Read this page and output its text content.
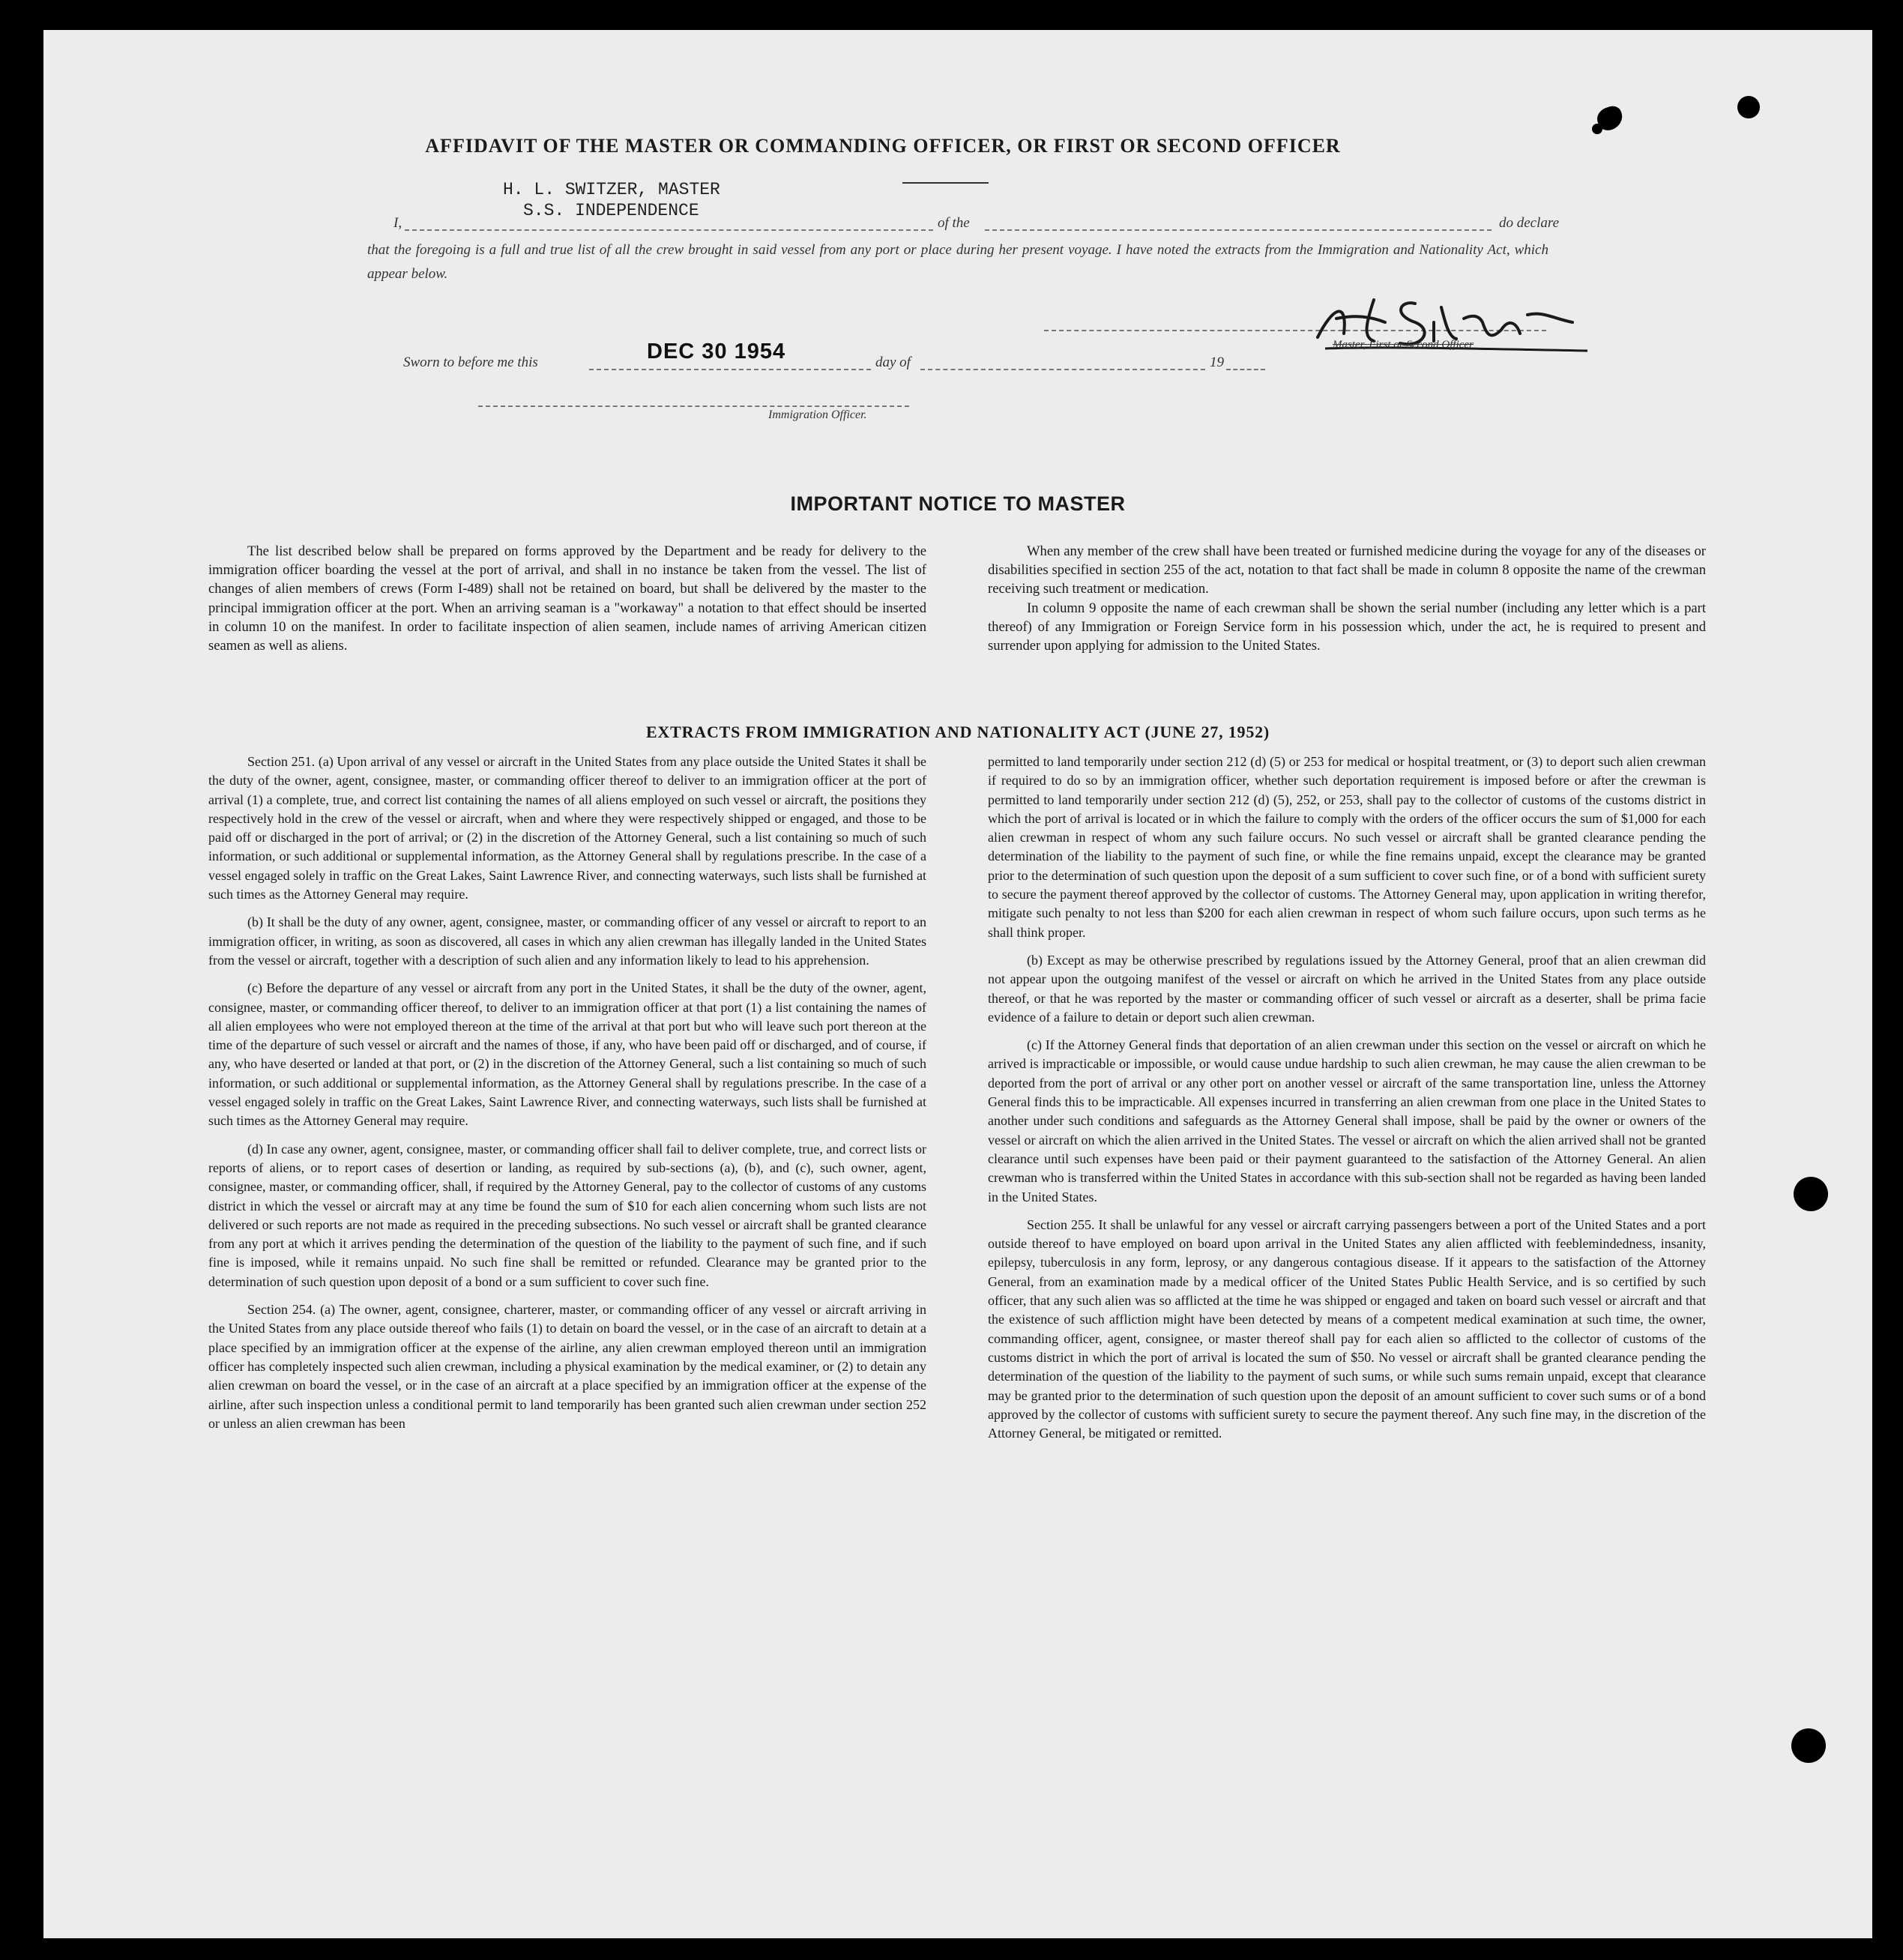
AFFIDAVIT OF THE MASTER OR COMMANDING OFFICER, OR FIRST OR SECOND OFFICER
H. L. SWITZER, MASTER
S.S. INDEPENDENCE
I,	of the	do declare
that the foregoing is a full and true list of all the crew brought in said vessel from any port or place during her present voyage. I have noted the extracts from the Immigration and Nationality Act, which appear below.
Master, First or Second Officer
Sworn to before me this	DEC 30 1954	day of	19
Immigration Officer.
IMPORTANT NOTICE TO MASTER

The list described below shall be prepared on forms approved by the Department and be ready for delivery to the immigration officer boarding the vessel at the port of arrival, and shall in no instance be taken from the vessel. The list of changes of alien members of crews (Form I-489) shall not be retained on board, but shall be delivered by the master to the principal immigration officer at the port. When an arriving seaman is a "workaway" a notation to that effect should be inserted in column 10 on the manifest. In order to facilitate inspection of alien seamen, include names of arriving American citizen seamen as well as aliens.

When any member of the crew shall have been treated or furnished medicine during the voyage for any of the diseases or disabilities specified in section 255 of the act, notation to that fact shall be made in column 8 opposite the name of the crewman receiving such treatment or medication.

In column 9 opposite the name of each crewman shall be shown the serial number (including any letter which is a part thereof) of any Immigration or Foreign Service form in his possession which, under the act, he is required to present and surrender upon applying for admission to the United States.

EXTRACTS FROM IMMIGRATION AND NATIONALITY ACT (JUNE 27, 1952)

Section 251. (a) Upon arrival of any vessel or aircraft in the United States from any place outside the United States it shall be the duty of the owner, agent, consignee, master, or commanding officer thereof to deliver to an immigration officer at the port of arrival (1) a complete, true, and correct list containing the names of all aliens employed on such vessel or aircraft, the positions they respectively hold in the crew of the vessel or aircraft, when and where they were respectively shipped or engaged, and those to be paid off or discharged in the port of arrival; or (2) in the discretion of the Attorney General, such a list containing so much of such information, or such additional or supplemental information, as the Attorney General shall by regulations prescribe. In the case of a vessel engaged solely in traffic on the Great Lakes, Saint Lawrence River, and connecting waterways, such lists shall be furnished at such times as the Attorney General may require.

(b) It shall be the duty of any owner, agent, consignee, master, or commanding officer of any vessel or aircraft to report to an immigration officer, in writing, as soon as discovered, all cases in which any alien crewman has illegally landed in the United States from the vessel or aircraft, together with a description of such alien and any information likely to lead to his apprehension.

(c) Before the departure of any vessel or aircraft from any port in the United States, it shall be the duty of the owner, agent, consignee, master, or commanding officer thereof, to deliver to an immigration officer at that port (1) a list containing the names of all alien employees who were not employed thereon at the time of the arrival at that port but who will leave such port thereon at the time of the departure of such vessel or aircraft and the names of those, if any, who have been paid off or discharged, and of course, if any, who have deserted or landed at that port, or (2) in the discretion of the Attorney General, such a list containing so much of such information, or such additional or supplemental information, as the Attorney General shall by regulations prescribe. In the case of a vessel engaged solely in traffic on the Great Lakes, Saint Lawrence River, and connecting waterways, such lists shall be furnished at such times as the Attorney General may require.

(d) In case any owner, agent, consignee, master, or commanding officer shall fail to deliver complete, true, and correct lists or reports of aliens, or to report cases of desertion or landing, as required by sub-sections (a), (b), and (c), such owner, agent, consignee, master, or commanding officer, shall, if required by the Attorney General, pay to the collector of customs of any customs district in which the vessel or aircraft may at any time be found the sum of $10 for each alien concerning whom such lists are not delivered or such reports are not made as required in the preceding subsections. No such vessel or aircraft shall be granted clearance from any port at which it arrives pending the determination of the question of the liability to the payment of such fine, and if such fine is imposed, while it remains unpaid. No such fine shall be remitted or refunded. Clearance may be granted prior to the determination of such question upon deposit of a bond or a sum sufficient to cover such fine.

Section 254. (a) The owner, agent, consignee, charterer, master, or commanding officer of any vessel or aircraft arriving in the United States from any place outside thereof who fails (1) to detain on board the vessel, or in the case of an aircraft to detain at a place specified by an immigration officer at the expense of the airline, any alien crewman employed thereon until an immigration officer has completely inspected such alien crewman, including a physical examination by the medical examiner, or (2) to detain any alien crewman on board the vessel, or in the case of an aircraft at a place specified by an immigration officer at the expense of the airline, after such inspection unless a conditional permit to land temporarily has been granted such alien crewman under section 252 or unless an alien crewman has been

permitted to land temporarily under section 212 (d) (5) or 253 for medical or hospital treatment, or (3) to deport such alien crewman if required to do so by an immigration officer, whether such deportation requirement is imposed before or after the crewman is permitted to land temporarily under section 212 (d) (5), 252, or 253, shall pay to the collector of customs of the customs district in which the port of arrival is located or in which the failure to comply with the orders of the officer occurs the sum of $1,000 for each alien crewman in respect of whom any such failure occurs. No such vessel or aircraft shall be granted clearance pending the determination of the liability to the payment of such fine, or while the fine remains unpaid, except the clearance may be granted prior to the determination of such question upon the deposit of a sum sufficient to cover such fine, or of a bond with sufficient surety to secure the payment thereof approved by the collector of customs. The Attorney General may, upon application in writing therefor, mitigate such penalty to not less than $200 for each alien crewman in respect of whom such failure occurs, upon such terms as he shall think proper.

(b) Except as may be otherwise prescribed by regulations issued by the Attorney General, proof that an alien crewman did not appear upon the outgoing manifest of the vessel or aircraft on which he arrived in the United States from any place outside thereof, or that he was reported by the master or commanding officer of such vessel or aircraft as a deserter, shall be prima facie evidence of a failure to detain or deport such alien crewman.

(c) If the Attorney General finds that deportation of an alien crewman under this section on the vessel or aircraft on which he arrived is impracticable or impossible, or would cause undue hardship to such alien crewman, he may cause the alien crewman to be deported from the port of arrival or any other port on another vessel or aircraft of the same transportation line, unless the Attorney General finds this to be impracticable. All expenses incurred in transferring an alien crewman from one place in the United States to another under such conditions and safeguards as the Attorney General shall impose, shall be paid by the owner or owners of the vessel or aircraft on which the alien arrived in the United States. The vessel or aircraft on which the alien arrived shall not be granted clearance until such expenses have been paid or their payment guaranteed to the satisfaction of the Attorney General. An alien crewman who is transferred within the United States in accordance with this sub-section shall not be regarded as having been landed in the United States.

Section 255. It shall be unlawful for any vessel or aircraft carrying passengers between a port of the United States and a port outside thereof to have employed on board upon arrival in the United States any alien afflicted with feeblemindedness, insanity, epilepsy, tuberculosis in any form, leprosy, or any dangerous contagious disease. If it appears to the satisfaction of the Attorney General, from an examination made by a medical officer of the United States Public Health Service, and is so certified by such officer, that any such alien was so afflicted at the time he was shipped or engaged and taken on board such vessel or aircraft and that the existence of such affliction might have been detected by means of a competent medical examination at such time, the owner, commanding officer, agent, consignee, or master thereof shall pay for each alien so afflicted to the collector of customs of the customs district in which the port of arrival is located the sum of $50. No vessel or aircraft shall be granted clearance pending the determination of the question of the liability to the payment of such sums, or while such sums remain unpaid, except that clearance may be granted prior to the determination of such question upon the deposit of an amount sufficient to cover such sums or of a bond approved by the collector of customs with sufficient surety to secure the payment thereof. Any such fine may, in the discretion of the Attorney General, be mitigated or remitted.
